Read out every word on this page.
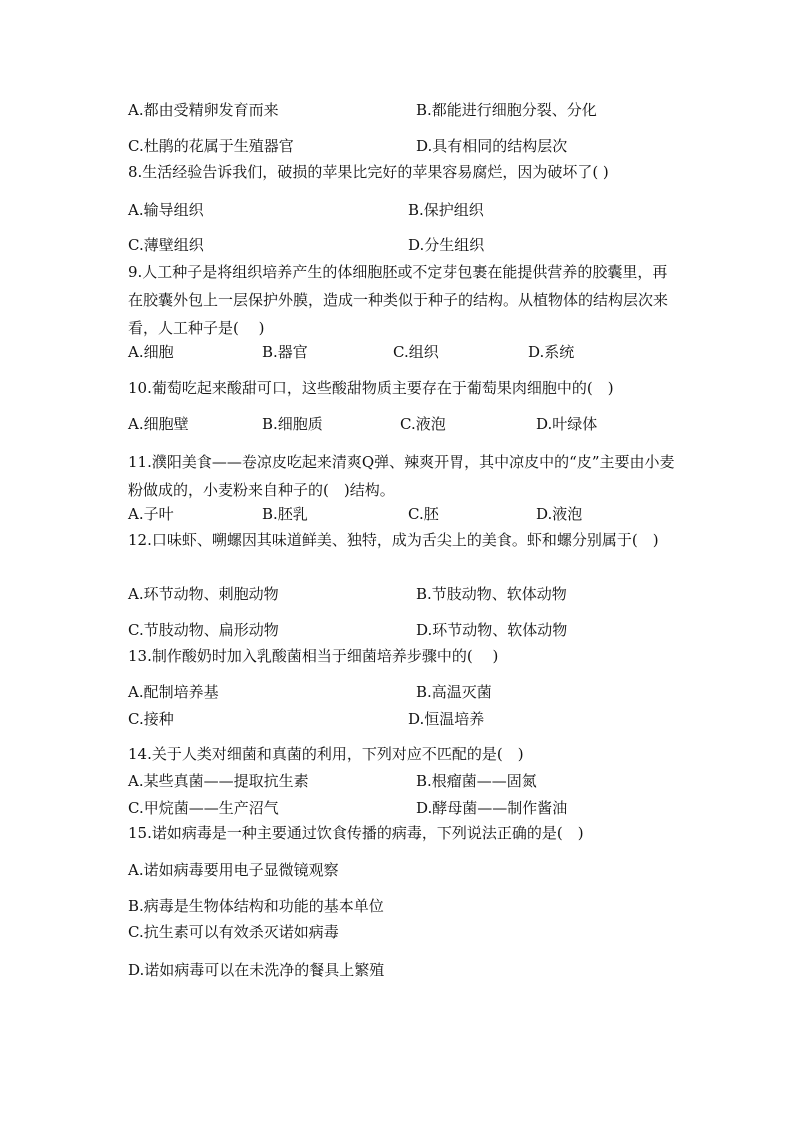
A.都由受精卵发育而来	B.都能进行细胞分裂、分化
C.杜鹃的花属于生殖器官	D.具有相同的结构层次
8.生活经验告诉我们，破损的苹果比完好的苹果容易腐烂，因为破坏了( )
A.输导组织	B.保护组织
C.薄壁组织	D.分生组织
9.人工种子是将组织培养产生的体细胞胚或不定芽包裹在能提供营养的胶囊里，再在胶囊外包上一层保护外膜，造成一种类似于种子的结构。从植物体的结构层次来看，人工种子是(　 )
A.细胞	B.器官	C.组织	D.系统
10.葡萄吃起来酸甜可口，这些酸甜物质主要存在于葡萄果肉细胞中的(　)
A.细胞壁	B.细胞质	C.液泡	D.叶绿体
11.濮阳美食——卷凉皮吃起来清爽Q弹、辣爽开胃，其中凉皮中的“皮”主要由小麦粉做成的，小麦粉来自种子的(　)结构。
A.子叶	B.胚乳	C.胚	D.液泡
12.口味虾、嗍螺因其味道鲜美、独特，成为舌尖上的美食。虾和螺分别属于(　)
A.环节动物、刺胞动物	B.节肢动物、软体动物
C.节肢动物、扁形动物	D.环节动物、软体动物
13.制作酸奶时加入乳酸菌相当于细菌培养步骤中的(　 )
A.配制培养基	B.高温灭菌
C.接种	D.恒温培养
14.关于人类对细菌和真菌的利用，下列对应不匹配的是(　)
A.某些真菌——提取抗生素	B.根瘤菌——固氮
C.甲烷菌——生产沼气	D.酵母菌——制作酱油
15.诺如病毒是一种主要通过饮食传播的病毒，下列说法正确的是(　)
A.诺如病毒要用电子显微镜观察
B.病毒是生物体结构和功能的基本单位
C.抗生素可以有效杀灭诺如病毒
D.诺如病毒可以在未洗净的餐具上繁殖
